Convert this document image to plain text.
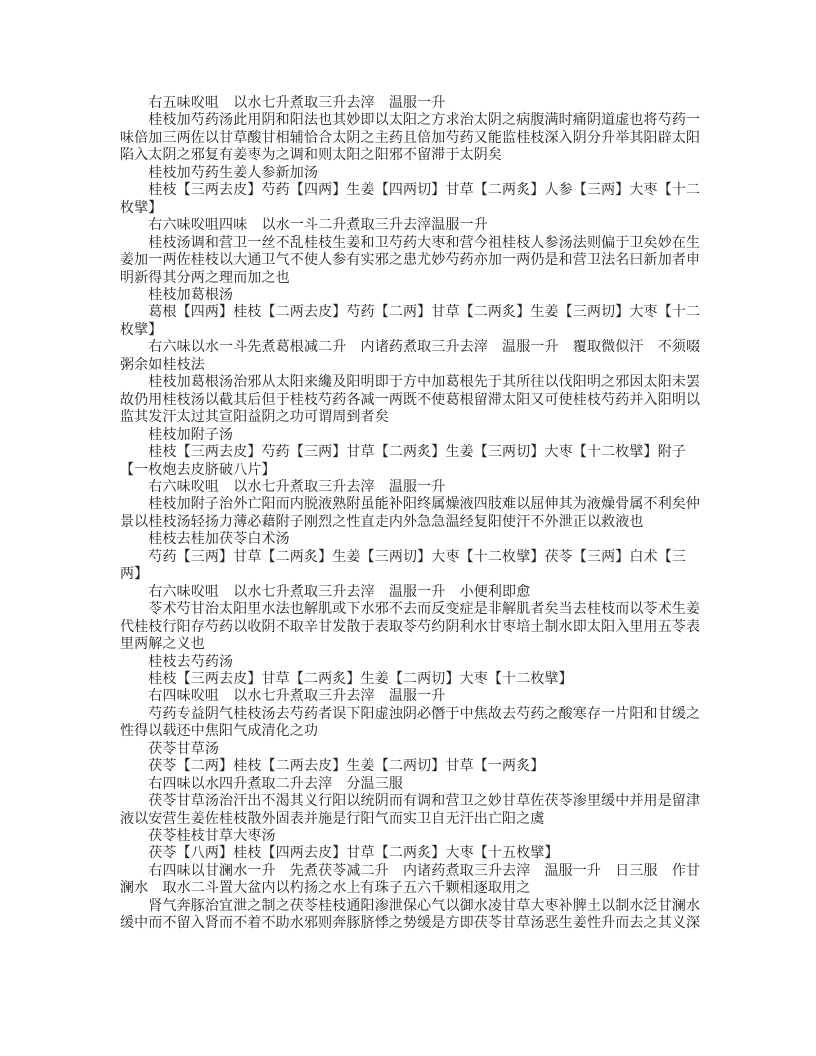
右五味㕮咀　以水七升煮取三升去滓　温服一升

桂枝加芍药汤此用阴和阳法也其妙即以太阳之方求治太阴之病腹满时痛阴道虚也将芍药一味倍加三两佐以甘草酸甘相辅恰合太阴之主药且倍加芍药又能监桂枝深入阴分升举其阳辟太阳陷入太阴之邪复有姜枣为之调和则太阳之阳邪不留滞于太阴矣

桂枝加芍药生姜人参新加汤

桂枝【三两去皮】芍药【四两】生姜【四两切】甘草【二两炙】人参【三两】大枣【十二枚擘】

右六味㕮咀四味　以水一斗二升煮取三升去滓温服一升

桂枝汤调和营卫一丝不乱桂枝生姜和卫芍药大枣和营今祖桂枝人参汤法则偏于卫矣妙在生姜加一两佐桂枝以大通卫气不使人参有实邪之患尤妙芍药亦加一两仍是和营卫法名曰新加者申明新得其分两之理而加之也

桂枝加葛根汤

葛根【四两】桂枝【二两去皮】芍药【二两】甘草【二两炙】生姜【三两切】大枣【十二枚擘】

右六味以水一斗先煮葛根减二升　内诸药煮取三升去滓　温服一升　覆取微似汗　不须啜粥余如桂枝法

桂枝加葛根汤治邪从太阳来纔及阳明即于方中加葛根先于其所往以伐阳明之邪因太阳未罢故仍用桂枝汤以截其后但于桂枝芍药各减一两既不使葛根留滞太阳又可使桂枝芍药并入阳明以监其发汗太过其宣阳益阴之功可谓周到者矣

桂枝加附子汤

桂枝【三两去皮】芍药【三两】甘草【二两炙】生姜【三两切】大枣【十二枚擘】附子【一枚炮去皮脐破八片】

右六味㕮咀　以水七升煮取三升去滓　温服一升

桂枝加附子治外亡阳而内脱液熟附虽能补阳终属燥液四肢难以屈伸其为液燥骨属不利矣仲景以桂枝汤轻扬力薄必藉附子刚烈之性直走内外急急温经复阳使汗不外泄正以救液也

桂枝去桂加茯苓白术汤

芍药【三两】甘草【二两炙】生姜【三两切】大枣【十二枚擘】茯苓【三两】白术【三两】

右六味㕮咀　以水七升煮取三升去滓　温服一升　小便利即愈

苓术芍甘治太阳里水法也解肌或下水邪不去而反变症是非解肌者矣当去桂枝而以苓术生姜代桂枝行阳存芍药以收阴不取辛甘发散于表取苓芍约阴利水甘枣培土制水即太阳入里用五苓表里两解之义也

桂枝去芍药汤

桂枝【三两去皮】甘草【二两炙】生姜【二两切】大枣【十二枚擘】

右四味㕮咀　以水七升煮取三升去滓　温服一升

芍药专益阴气桂枝汤去芍药者误下阳虚浊阴必僭于中焦故去芍药之酸寒存一片阳和甘缓之性得以载还中焦阳气成清化之功

茯苓甘草汤

茯苓【二两】桂枝【二两去皮】生姜【二两切】甘草【一两炙】

右四味以水四升煮取二升去滓　分温三服

茯苓甘草汤治汗出不渴其义行阳以统阴而有调和营卫之妙甘草佐茯苓渗里缓中并用是留津液以安营生姜佐桂枝散外固表并施是行阳气而实卫自无汗出亡阳之虞

茯苓桂枝甘草大枣汤

茯苓【八两】桂枝【四两去皮】甘草【二两炙】大枣【十五枚擘】

右四味以甘澜水一升　先煮茯苓减二升　内诸药煮取三升去滓　温服一升　日三服　作甘澜水　取水二斗置大盆内以杓扬之水上有珠子五六千颗相逐取用之

肾气奔豚治宜泄之制之茯苓桂枝通阳渗泄保心气以御水凌甘草大枣补脾土以制水泛甘澜水缓中而不留入肾而不着不助水邪则奔豚脐悸之势缓是方即茯苓甘草汤恶生姜性升而去之其义深
